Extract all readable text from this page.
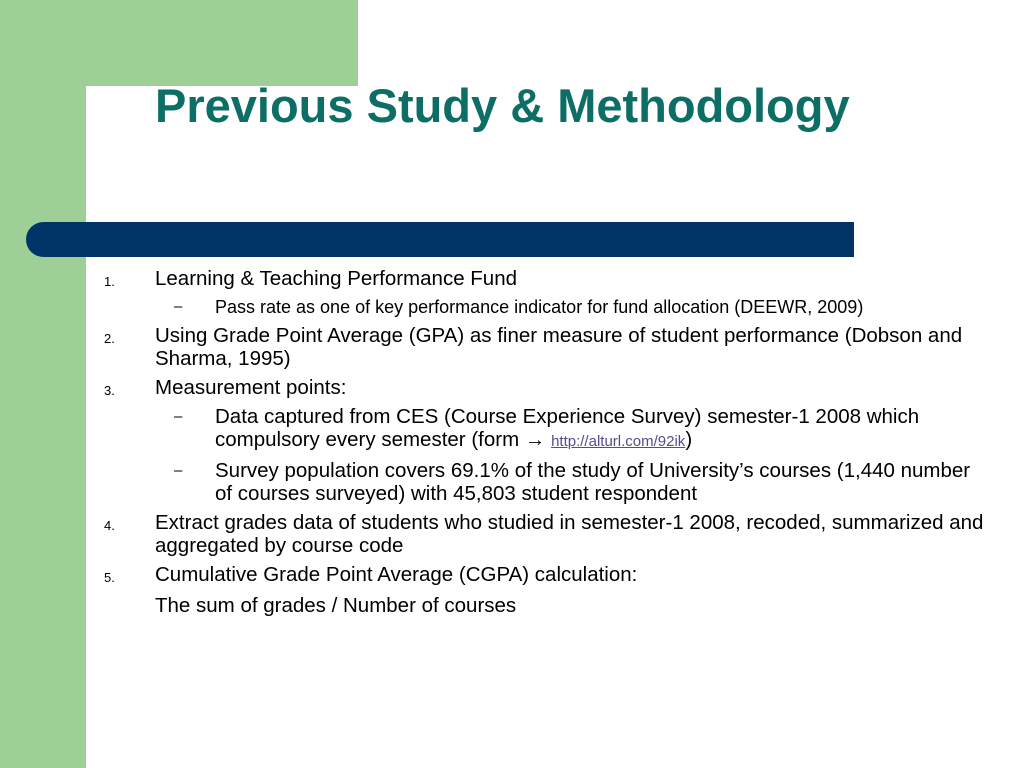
Previous Study & Methodology
1. Learning & Teaching Performance Fund
– Pass rate as one of key performance indicator for fund allocation (DEEWR, 2009)
2. Using Grade Point Average (GPA) as finer measure of student performance (Dobson and Sharma, 1995)
3. Measurement points:
– Data captured from CES (Course Experience Survey) semester-1 2008 which compulsory every semester (form → http://alturl.com/92ik)
– Survey population covers 69.1% of the study of University’s courses (1,440 number of courses surveyed) with 45,803 student respondent
4. Extract grades data of students who studied in semester-1 2008, recoded, summarized and aggregated by course code
5. Cumulative Grade Point Average (CGPA) calculation:
The sum of grades / Number of courses
